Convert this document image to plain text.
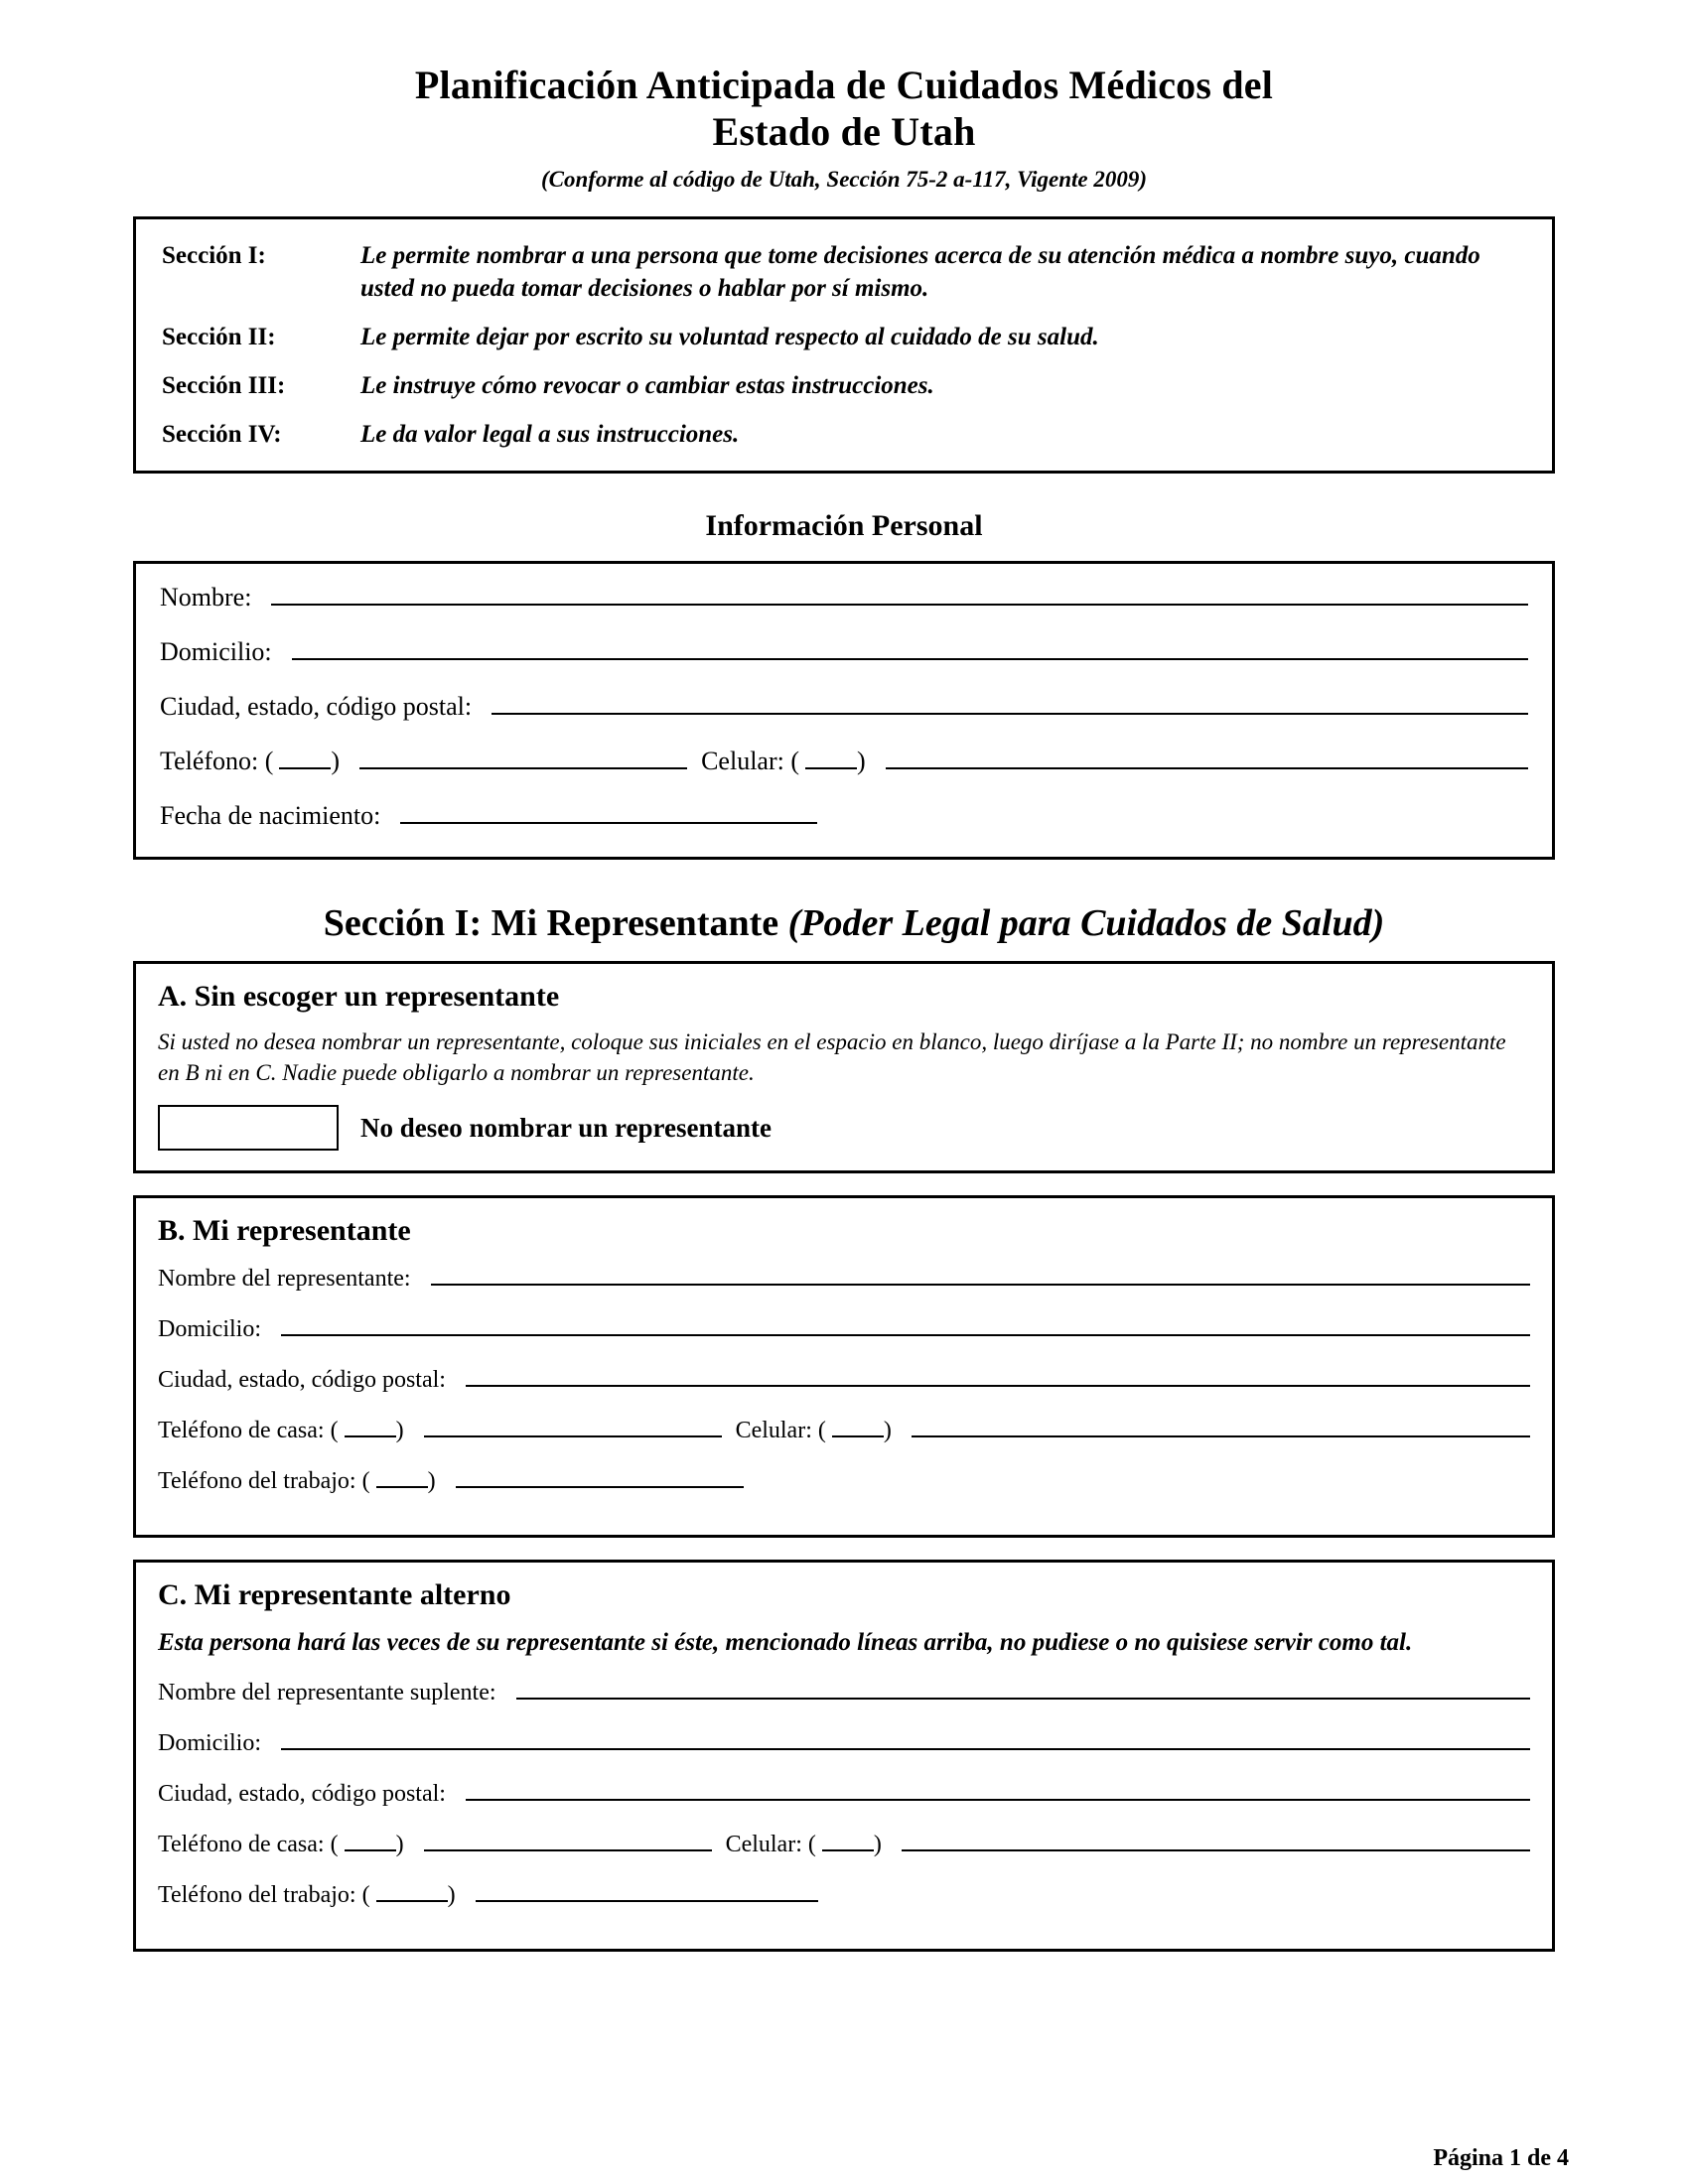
Planificación Anticipada de Cuidados Médicos del
Estado de Utah
(Conforme al código de Utah, Sección 75-2 a-117, Vigente 2009)
Sección I:	Le permite nombrar a una persona que tome decisiones acerca de su atención médica a nombre suyo, cuando usted no pueda tomar decisiones o hablar por sí mismo.
Sección II:	Le permite dejar por escrito su voluntad respecto al cuidado de su salud.
Sección III:	Le instruye cómo revocar o cambiar estas instrucciones.
Sección IV:	Le da valor legal a sus instrucciones.
Información Personal
Nombre:
Domicilio:
Ciudad, estado, código postal:
Teléfono: ( )	Celular: ( )
Fecha de nacimiento:
Sección I: Mi Representante (Poder Legal para Cuidados de Salud)
A. Sin escoger un representante
Si usted no desea nombrar un representante, coloque sus iniciales en el espacio en blanco, luego diríjase a la Parte II; no nombre un representante en B ni en C. Nadie puede obligarlo a nombrar un representante.
No deseo nombrar un representante
B. Mi representante
Nombre del representante:
Domicilio:
Ciudad, estado, código postal:
Teléfono de casa: ( )	Celular: ( )
Teléfono del trabajo: ( )
C. Mi representante alterno
Esta persona hará las veces de su representante si éste, mencionado líneas arriba, no pudiese o no quisiese servir como tal.
Nombre del representante suplente:
Domicilio:
Ciudad, estado, código postal:
Teléfono de casa: ( )	Celular: ( )
Teléfono del trabajo: (	)
Página 1 de 4
